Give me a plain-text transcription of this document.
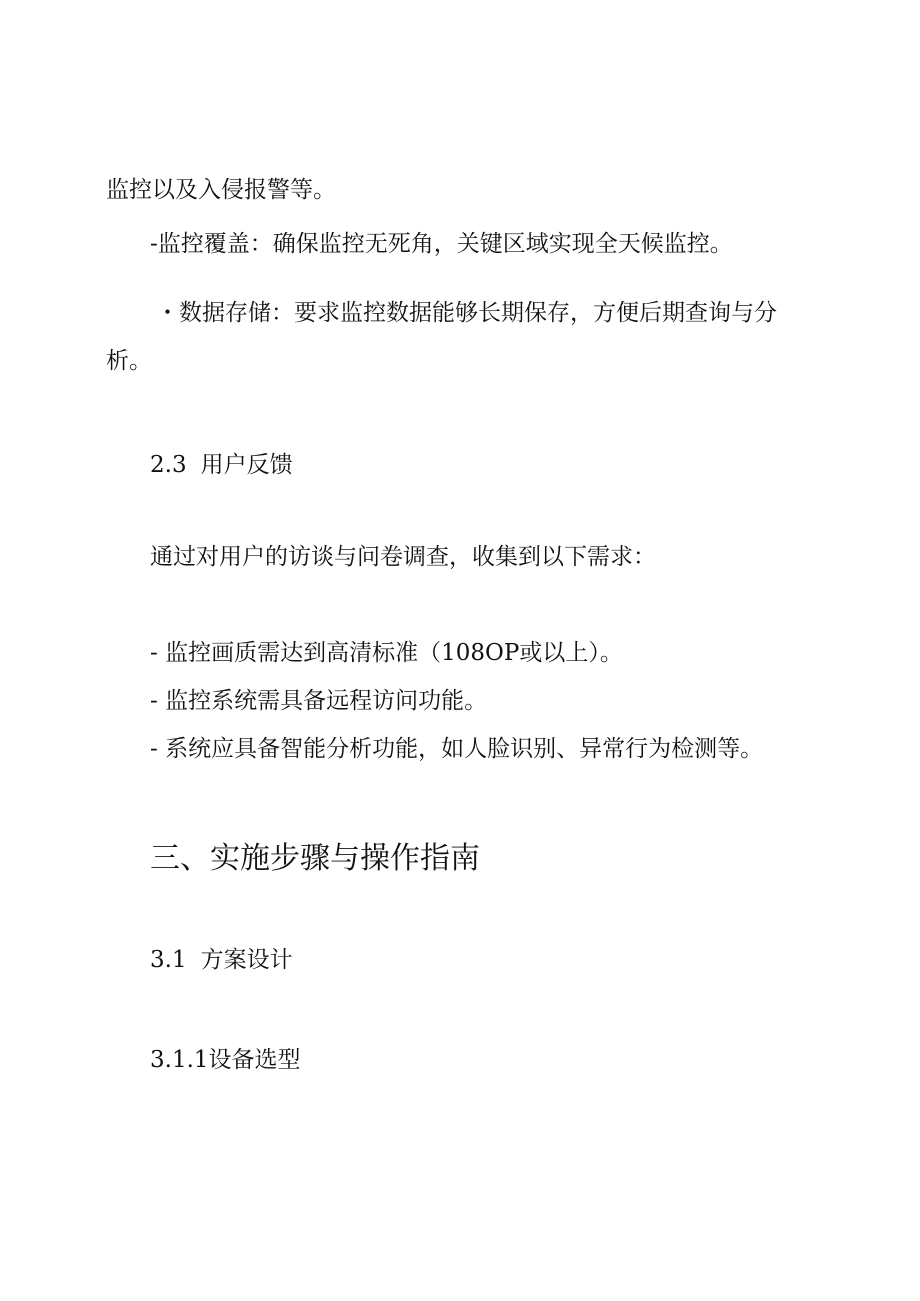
监控以及入侵报警等。
-监控覆盖：确保监控无死角，关键区域实现全天候监控。
・数据存储：要求监控数据能够长期保存，方便后期查询与分
析。
2.3 用户反馈
通过对用户的访谈与问卷调查，收集到以下需求：
- 监控画质需达到高清标准（108OP或以上）。
- 监控系统需具备远程访问功能。
- 系统应具备智能分析功能，如人脸识别、异常行为检测等。
三、实施步骤与操作指南
3.1 方案设计
3.1.1设备选型
